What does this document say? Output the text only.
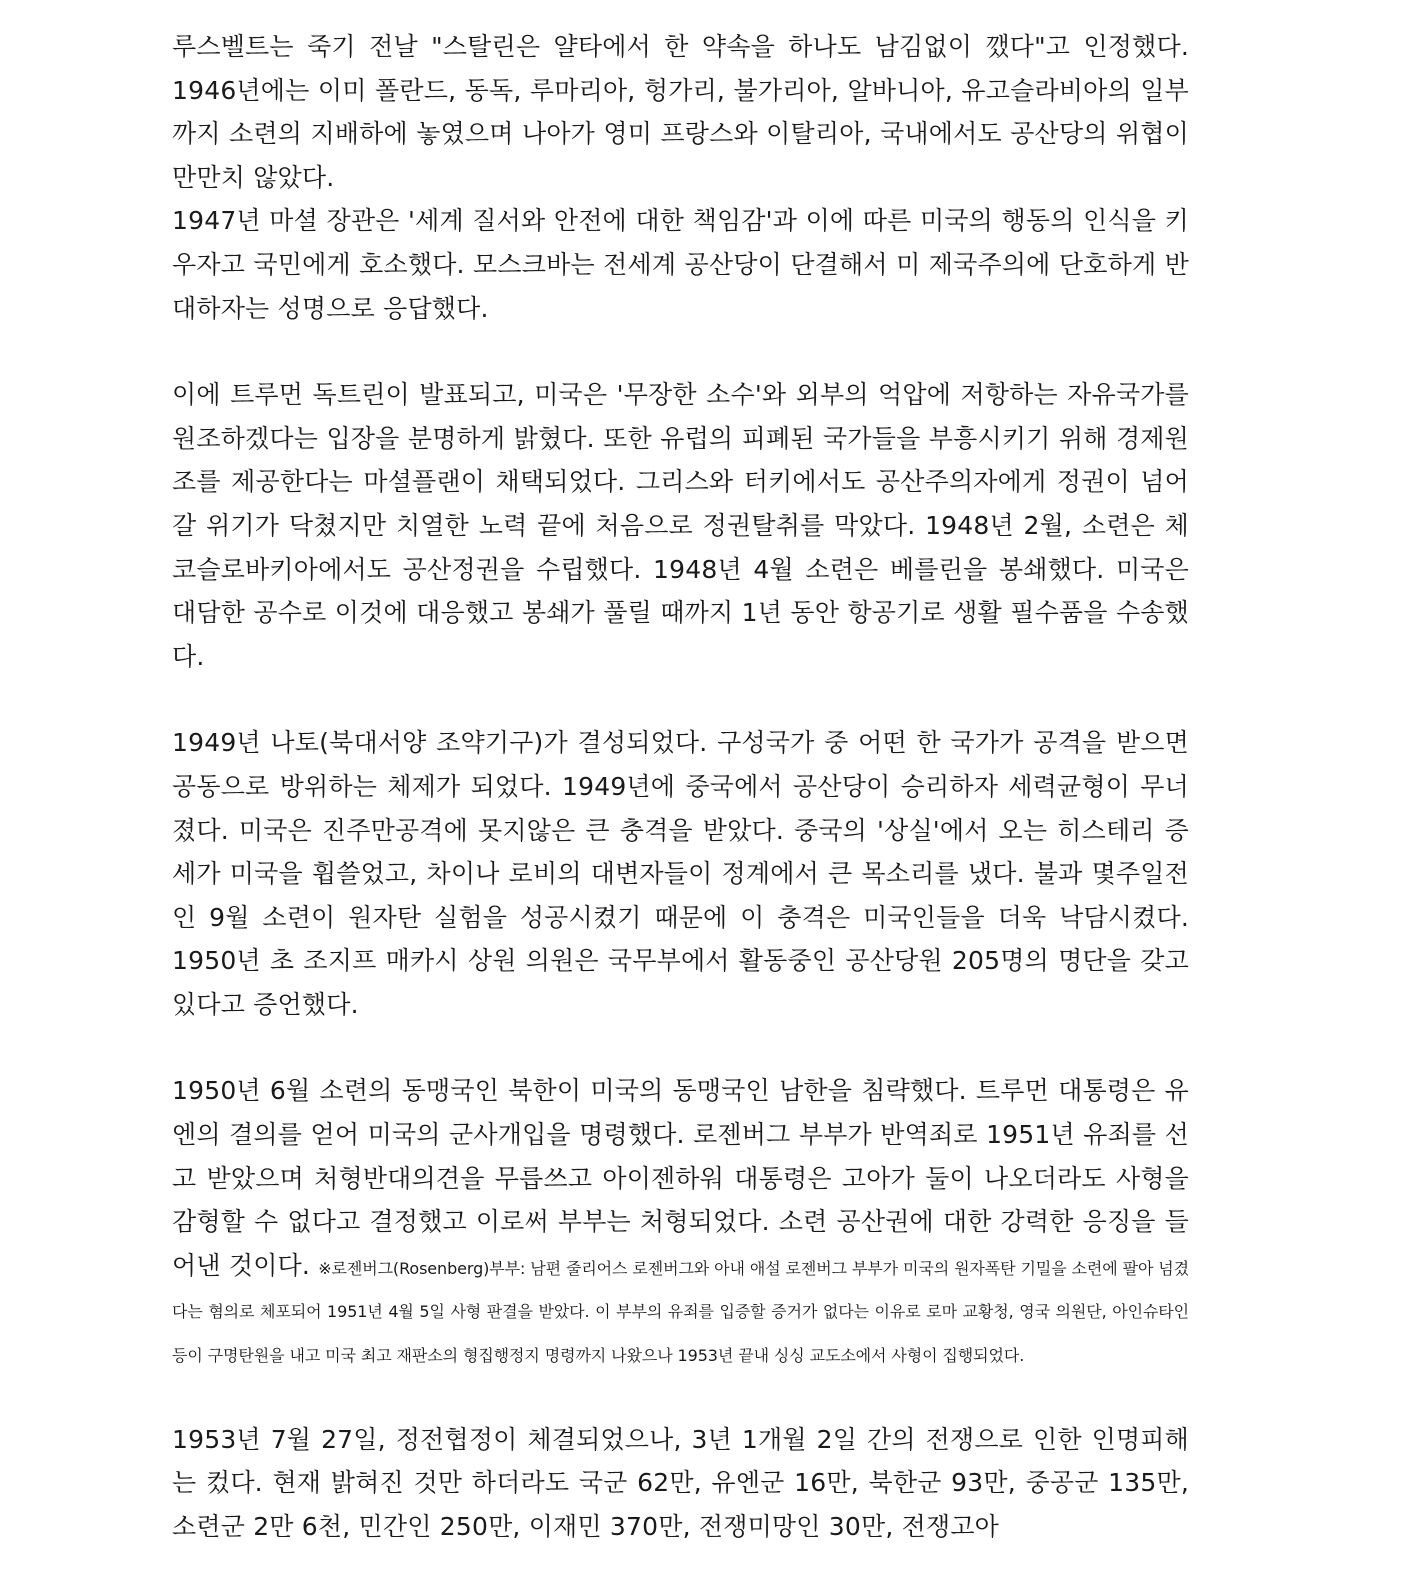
루스벨트는 죽기 전날 "스탈린은 얄타에서 한 약속을 하나도 남김없이 깼다"고 인정했다. 1946년에는 이미 폴란드, 동독, 루마리아, 헝가리, 불가리아, 알바니아, 유고슬라비아의 일부까지 소련의 지배하에 놓였으며 나아가 영미 프랑스와 이탈리아, 국내에서도 공산당의 위협이 만만치 않았다.

1947년 마셜 장관은 '세계 질서와 안전에 대한 책임감'과 이에 따른 미국의 행동의 인식을 키우자고 국민에게 호소했다. 모스크바는 전세계 공산당이 단결해서 미 제국주의에 단호하게 반대하자는 성명으로 응답했다.

이에 트루먼 독트린이 발표되고, 미국은 '무장한 소수'와 외부의 억압에 저항하는 자유국가를 원조하겠다는 입장을 분명하게 밝혔다. 또한 유럽의 피폐된 국가들을 부흥시키기 위해 경제원조를 제공한다는 마셜플랜이 채택되었다. 그리스와 터키에서도 공산주의자에게 정권이 넘어갈 위기가 닥쳤지만 치열한 노력 끝에 처음으로 정권탈취를 막았다. 1948년 2월, 소련은 체코슬로바키아에서도 공산정권을 수립했다. 1948년 4월 소련은 베를린을 봉쇄했다. 미국은 대담한 공수로 이것에 대응했고 봉쇄가 풀릴 때까지 1년 동안 항공기로 생활 필수품을 수송했다.

1949년 나토(북대서양 조약기구)가 결성되었다. 구성국가 중 어떤 한 국가가 공격을 받으면 공동으로 방위하는 체제가 되었다. 1949년에 중국에서 공산당이 승리하자 세력균형이 무너졌다. 미국은 진주만공격에 못지않은 큰 충격을 받았다. 중국의 '상실'에서 오는 히스테리 증세가 미국을 휩쓸었고, 차이나 로비의 대변자들이 정계에서 큰 목소리를 냈다. 불과 몇주일전인 9월 소련이 원자탄 실험을 성공시켰기 때문에 이 충격은 미국인들을 더욱 낙담시켰다. 1950년 초 조지프 매카시 상원 의원은 국무부에서 활동중인 공산당원 205명의 명단을 갖고 있다고 증언했다.

1950년 6월 소련의 동맹국인 북한이 미국의 동맹국인 남한을 침략했다. 트루먼 대통령은 유엔의 결의를 얻어 미국의 군사개입을 명령했다. 로젠버그 부부가 반역죄로 1951년 유죄를 선고 받았으며 처형반대의견을 무릅쓰고 아이젠하워 대통령은 고아가 둘이 나오더라도 사형을 감형할 수 없다고 결정했고 이로써 부부는 처형되었다. 소련 공산권에 대한 강력한 응징을 들어낸 것이다. ※로젠버그(Rosenberg)부부: 남편 줄리어스 로젠버그와 아내 애설 로젠버그 부부가 미국의 원자폭탄 기밀을 소련에 팔아 넘겼다는 혐의로 체포되어 1951년 4월 5일 사형 판결을 받았다. 이 부부의 유죄를 입증할 증거가 없다는 이유로 로마 교황청, 영국 의원단, 아인슈타인 등이 구명탄원을 내고 미국 최고 재판소의 형집행정지 명령까지 나왔으나 1953년 끝내 싱싱 교도소에서 사형이 집행되었다.

1953년 7월 27일, 정전협정이 체결되었으나, 3년 1개월 2일 간의 전쟁으로 인한 인명피해는 컸다. 현재 밝혀진 것만 하더라도 국군 62만, 유엔군 16만, 북한군 93만, 중공군 135만, 소련군 2만 6천, 민간인 250만, 이재민 370만, 전쟁미망인 30만, 전쟁고아
